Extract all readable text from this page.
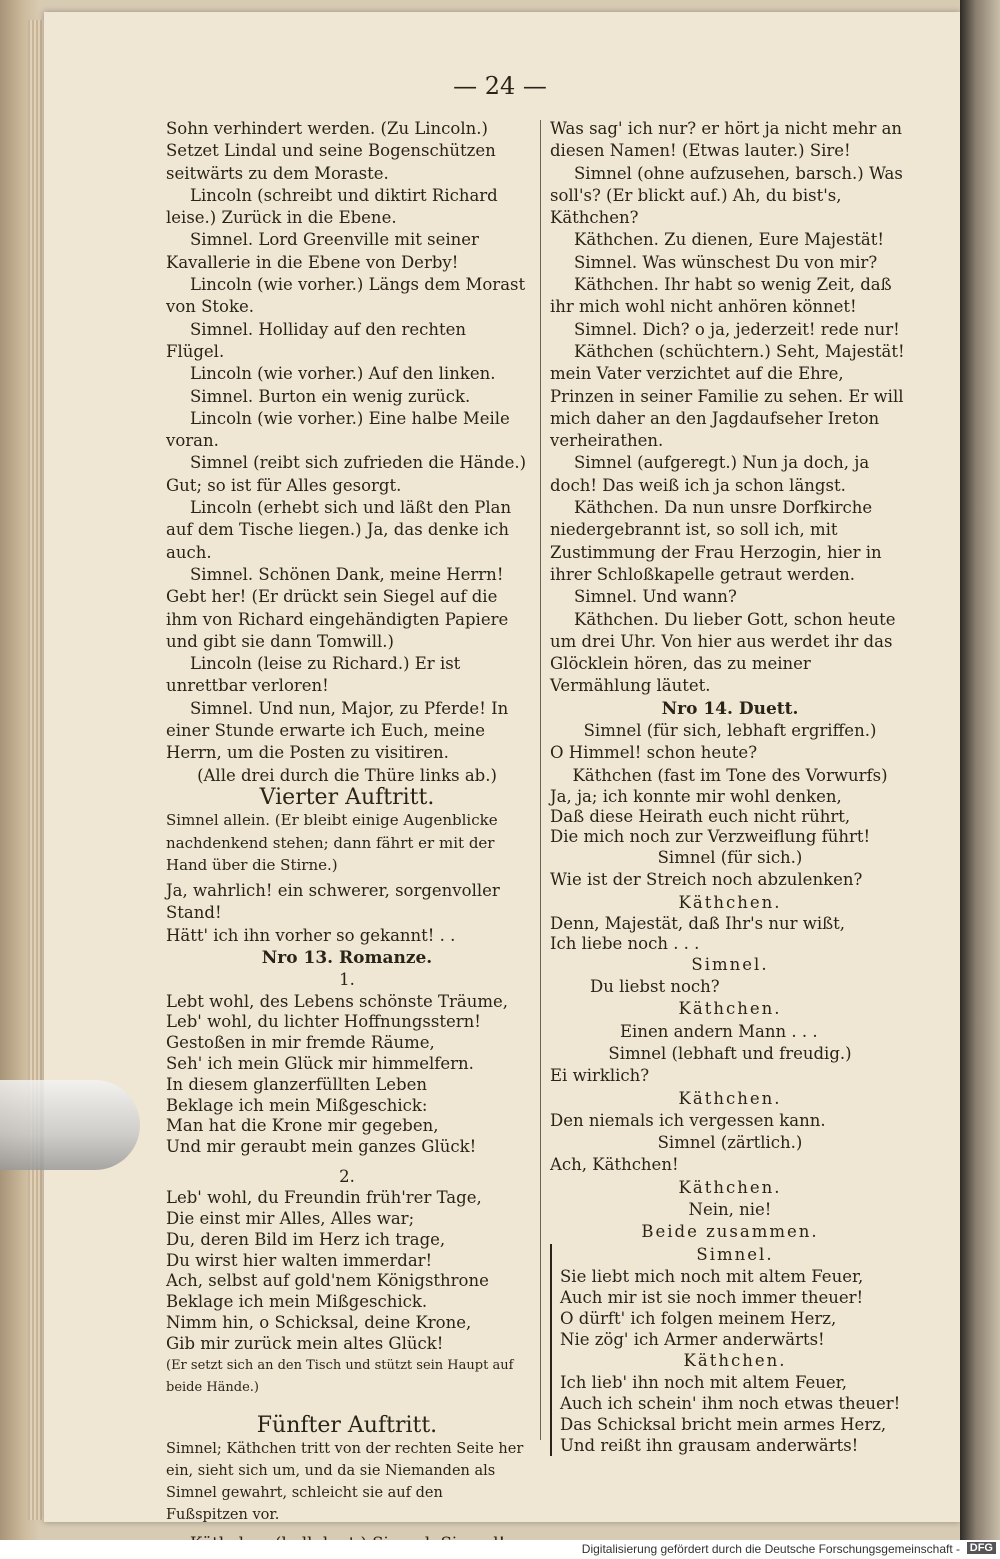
— 24 —

Sohn verhindert werden. (Zu Lincoln.) Setzet Lindal und seine Bogenschützen seitwärts zu dem Moraste.

Lincoln (schreibt und diktirt Richard leise.) Zurück in die Ebene.

Simnel. Lord Greenville mit seiner Kavallerie in die Ebene von Derby!

Lincoln (wie vorher.) Längs dem Morast von Stoke.

Simnel. Holliday auf den rechten Flügel.

Lincoln (wie vorher.) Auf den linken.

Simnel. Burton ein wenig zurück.

Lincoln (wie vorher.) Eine halbe Meile voran.

Simnel (reibt sich zufrieden die Hände.) Gut; so ist für Alles gesorgt.

Lincoln (erhebt sich und läßt den Plan auf dem Tische liegen.) Ja, das denke ich auch.

Simnel. Schönen Dank, meine Herrn! Gebt her! (Er drückt sein Siegel auf die ihm von Richard eingehändigten Papiere und gibt sie dann Tomwill.)

Lincoln (leise zu Richard.) Er ist unrettbar verloren!

Simnel. Und nun, Major, zu Pferde! In einer Stunde erwarte ich Euch, meine Herrn, um die Posten zu visitiren.

(Alle drei durch die Thüre links ab.)

Vierter Auftritt.

Simnel allein. (Er bleibt einige Augenblicke nachdenkend stehen; dann fährt er mit der Hand über die Stirne.)

Ja, wahrlich! ein schwerer, sorgenvoller Stand!

Hätt' ich ihn vorher so gekannt! . .

Nro 13. Romanze.

1.

Lebt wohl, des Lebens schönste Träume,
Leb' wohl, du lichter Hoffnungsstern!
Gestoßen in mir fremde Räume,
Seh' ich mein Glück mir himmelfern.
In diesem glanzerfüllten Leben
Beklage ich mein Mißgeschick:
Man hat die Krone mir gegeben,
Und mir geraubt mein ganzes Glück!

2.

Leb' wohl, du Freundin früh'rer Tage,
Die einst mir Alles, Alles war;
Du, deren Bild im Herz ich trage,
Du wirst hier walten immerdar!
Ach, selbst auf gold'nem Königsthrone
Beklage ich mein Mißgeschick.
Nimm hin, o Schicksal, deine Krone,
Gib mir zurück mein altes Glück!

(Er setzt sich an den Tisch und stützt sein Haupt auf beide Hände.)

Fünfter Auftritt.

Simnel; Käthchen tritt von der rechten Seite her ein, sieht sich um, und da sie Niemanden als Simnel gewahrt, schleicht sie auf den Fußspitzen vor.

Was sag' ich nur? er hört ja nicht mehr an diesen Namen! (Etwas lauter.) Sire!

Simnel (ohne aufzusehen, barsch.) Was soll's? (Er blickt auf.) Ah, du bist's, Käthchen?

Käthchen. Zu dienen, Eure Majestät!

Simnel. Was wünschest Du von mir?

Käthchen. Ihr habt so wenig Zeit, daß ihr mich wohl nicht anhören könnet!

Simnel. Dich? o ja, jederzeit! rede nur!

Käthchen (schüchtern.) Seht, Majestät! mein Vater verzichtet auf die Ehre, Prinzen in seiner Familie zu sehen. Er will mich daher an den Jagdaufseher Ireton verheirathen.

Simnel (aufgeregt.) Nun ja doch, ja doch! Das weiß ich ja schon längst.

Käthchen. Da nun unsre Dorfkirche niedergebrannt ist, so soll ich, mit Zustimmung der Frau Herzogin, hier in ihrer Schloßkapelle getraut werden.

Simnel. Und wann?

Käthchen. Du lieber Gott, schon heute um drei Uhr. Von hier aus werdet ihr das Glöcklein hören, das zu meiner Vermählung läutet.

Nro 14. Duett.

Simnel (für sich, lebhaft ergriffen.)

O Himmel! schon heute?

Käthchen (fast im Tone des Vorwurfs)

Ja, ja; ich konnte mir wohl denken,

Daß diese Heirath euch nicht rührt,

Die mich noch zur Verzweiflung führt!

Simnel (für sich.)

Wie ist der Streich noch abzulenken?

Käthchen.

Denn, Majestät, daß Ihr's nur wißt,

Ich liebe noch . . .

Simnel.

Du liebst noch?

Käthchen.

Einen andern Mann . . .

Simnel (lebhaft und freudig.)

Ei wirklich?

Käthchen.

Den niemals ich vergessen kann.

Simnel (zärtlich.)

Ach, Käthchen!

Käthchen.

Nein, nie!

Beide zusammen.

Simnel.

Sie liebt mich noch mit altem Feuer,
Auch mir ist sie noch immer theuer!
O dürft' ich folgen meinem Herz,
Nie zög' ich Armer anderwärts!

Käthchen.

Ich lieb' ihn noch mit altem Feuer,
Auch ich schein' ihm noch etwas theuer!
Das Schicksal bricht mein armes Herz,
Und reißt ihn grausam anderwärts!
Digitalisierung gefördert durch die Deutsche Forschungsgemeinschaft - DFG
